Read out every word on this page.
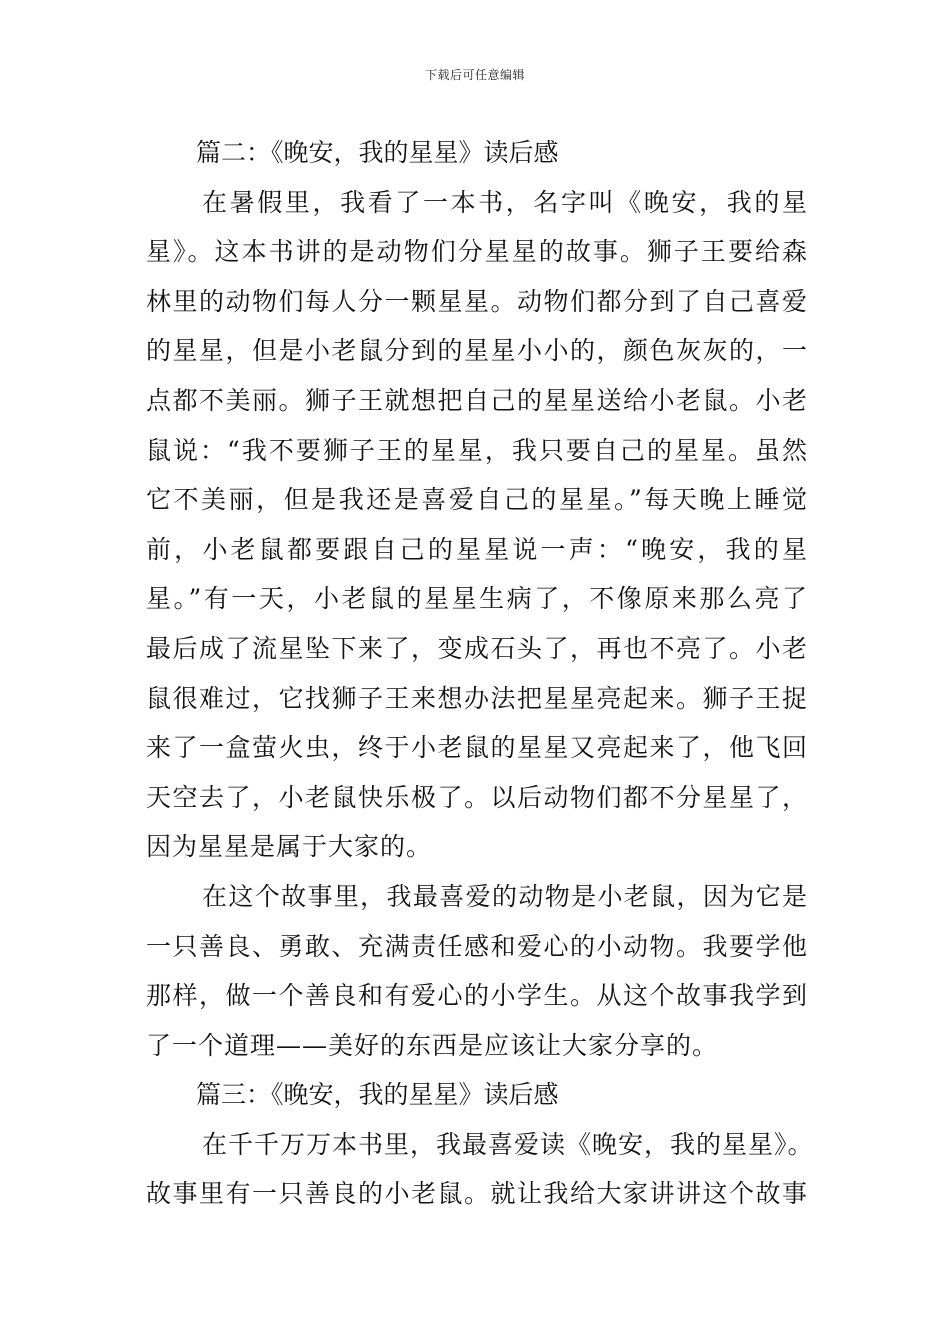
下载后可任意编辑
篇二：《晚安，我的星星》读后感
在暑假里，我看了一本书，名字叫《晚安，我的星
星》。这本书讲的是动物们分星星的故事。狮子王要给森
林里的动物们每人分一颗星星。动物们都分到了自己喜爱
的星星，但是小老鼠分到的星星小小的，颜色灰灰的，一
点都不美丽。狮子王就想把自己的星星送给小老鼠。小老
鼠说：“我不要狮子王的星星，我只要自己的星星。虽然
它不美丽，但是我还是喜爱自己的星星。”每天晚上睡觉
前，小老鼠都要跟自己的星星说一声：“晚安，我的星
星。”有一天，小老鼠的星星生病了，不像原来那么亮了
最后成了流星坠下来了，变成石头了，再也不亮了。小老
鼠很难过，它找狮子王来想办法把星星亮起来。狮子王捉
来了一盒萤火虫，终于小老鼠的星星又亮起来了，他飞回
天空去了，小老鼠快乐极了。以后动物们都不分星星了，
因为星星是属于大家的。
在这个故事里，我最喜爱的动物是小老鼠，因为它是
一只善良、勇敢、充满责任感和爱心的小动物。我要学他
那样，做一个善良和有爱心的小学生。从这个故事我学到
了一个道理——美好的东西是应该让大家分享的。
篇三：《晚安，我的星星》读后感
在千千万万本书里，我最喜爱读《晚安，我的星星》。
故事里有一只善良的小老鼠。就让我给大家讲讲这个故事
